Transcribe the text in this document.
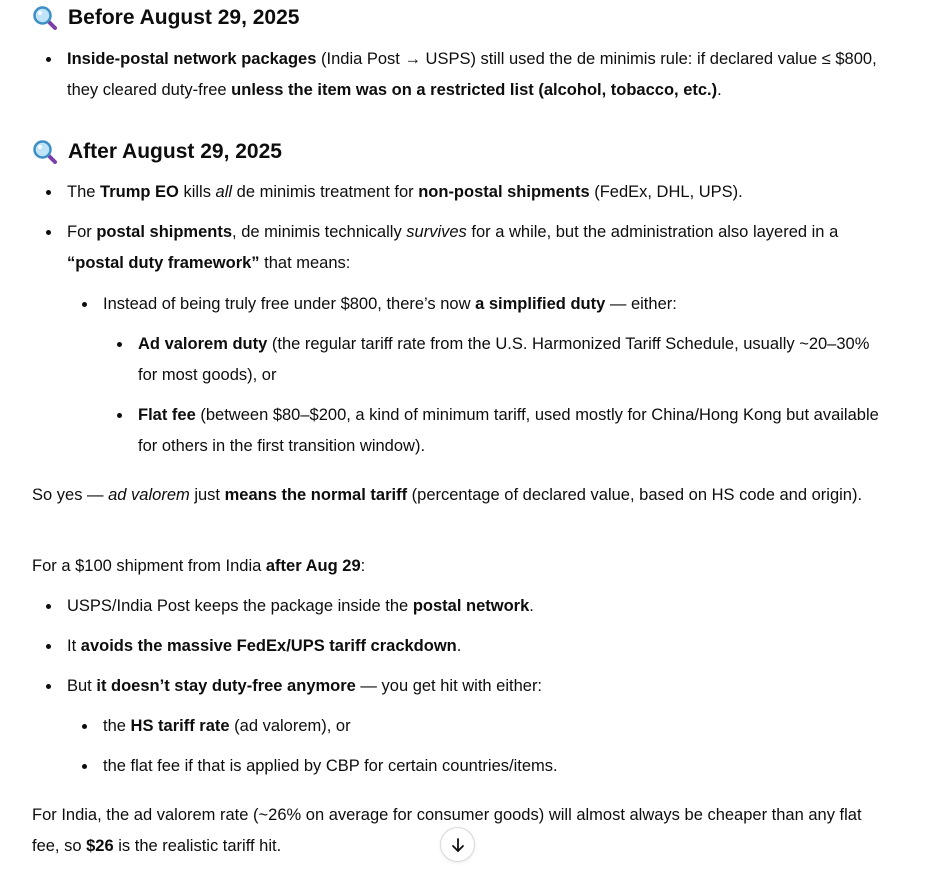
Before August 29, 2025
Inside-postal network packages (India Post → USPS) still used the de minimis rule: if declared value ≤ $800, they cleared duty-free unless the item was on a restricted list (alcohol, tobacco, etc.).
After August 29, 2025
The Trump EO kills all de minimis treatment for non-postal shipments (FedEx, DHL, UPS).
For postal shipments, de minimis technically survives for a while, but the administration also layered in a “postal duty framework” that means:
Instead of being truly free under $800, there’s now a simplified duty — either:
Ad valorem duty (the regular tariff rate from the U.S. Harmonized Tariff Schedule, usually ~20–30% for most goods), or
Flat fee (between $80–$200, a kind of minimum tariff, used mostly for China/Hong Kong but available for others in the first transition window).

So yes — ad valorem just means the normal tariff (percentage of declared value, based on HS code and origin).

For a $100 shipment from India after Aug 29:

USPS/India Post keeps the package inside the postal network.
It avoids the massive FedEx/UPS tariff crackdown.
But it doesn’t stay duty-free anymore — you get hit with either:
the HS tariff rate (ad valorem), or
the flat fee if that is applied by CBP for certain countries/items.

For India, the ad valorem rate (~26% on average for consumer goods) will almost always be cheaper than any flat fee, so $26 is the realistic tariff hit.
